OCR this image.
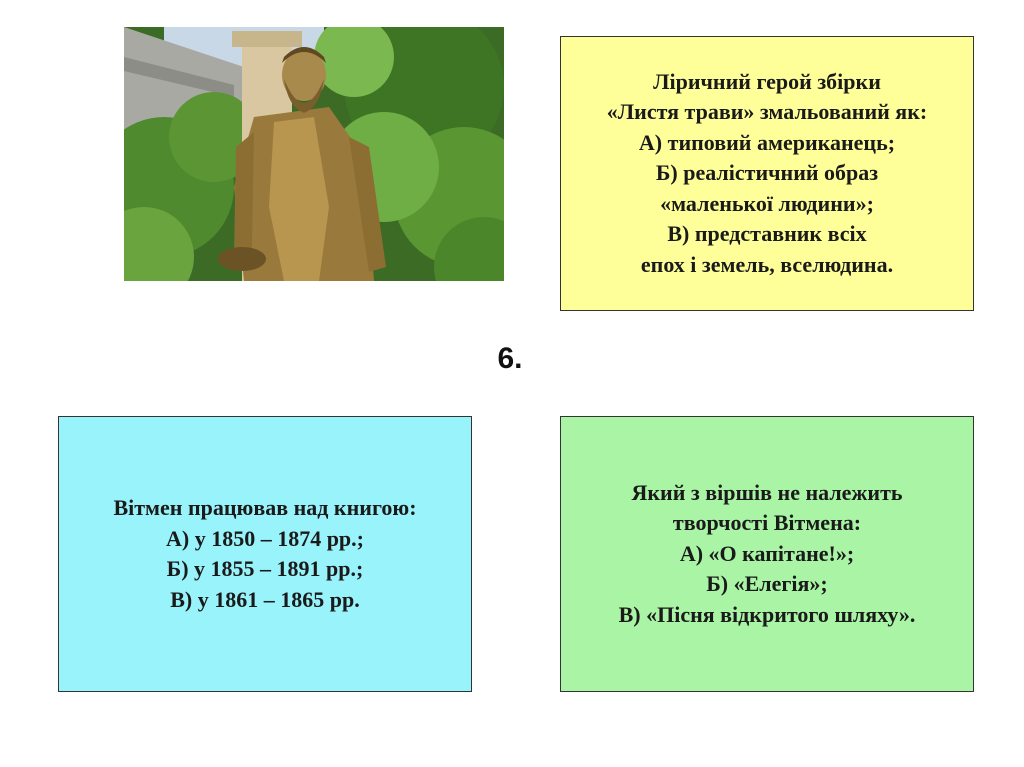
Ліричний герой збірки
«Листя трави» змальований як:
А) типовий американець;
Б) реалістичний образ
«маленької людини»;
В) представник всіх
епох і земель, вселюдина.
6.
Вітмен працював над книгою:
А) у 1850 – 1874 рр.;
Б) у 1855 – 1891 рр.;
В) у 1861 – 1865 рр.
Який з віршів не належить
творчості Вітмена:
А) «О капітане!»;
Б) «Елегія»;
В) «Пісня відкритого шляху».
